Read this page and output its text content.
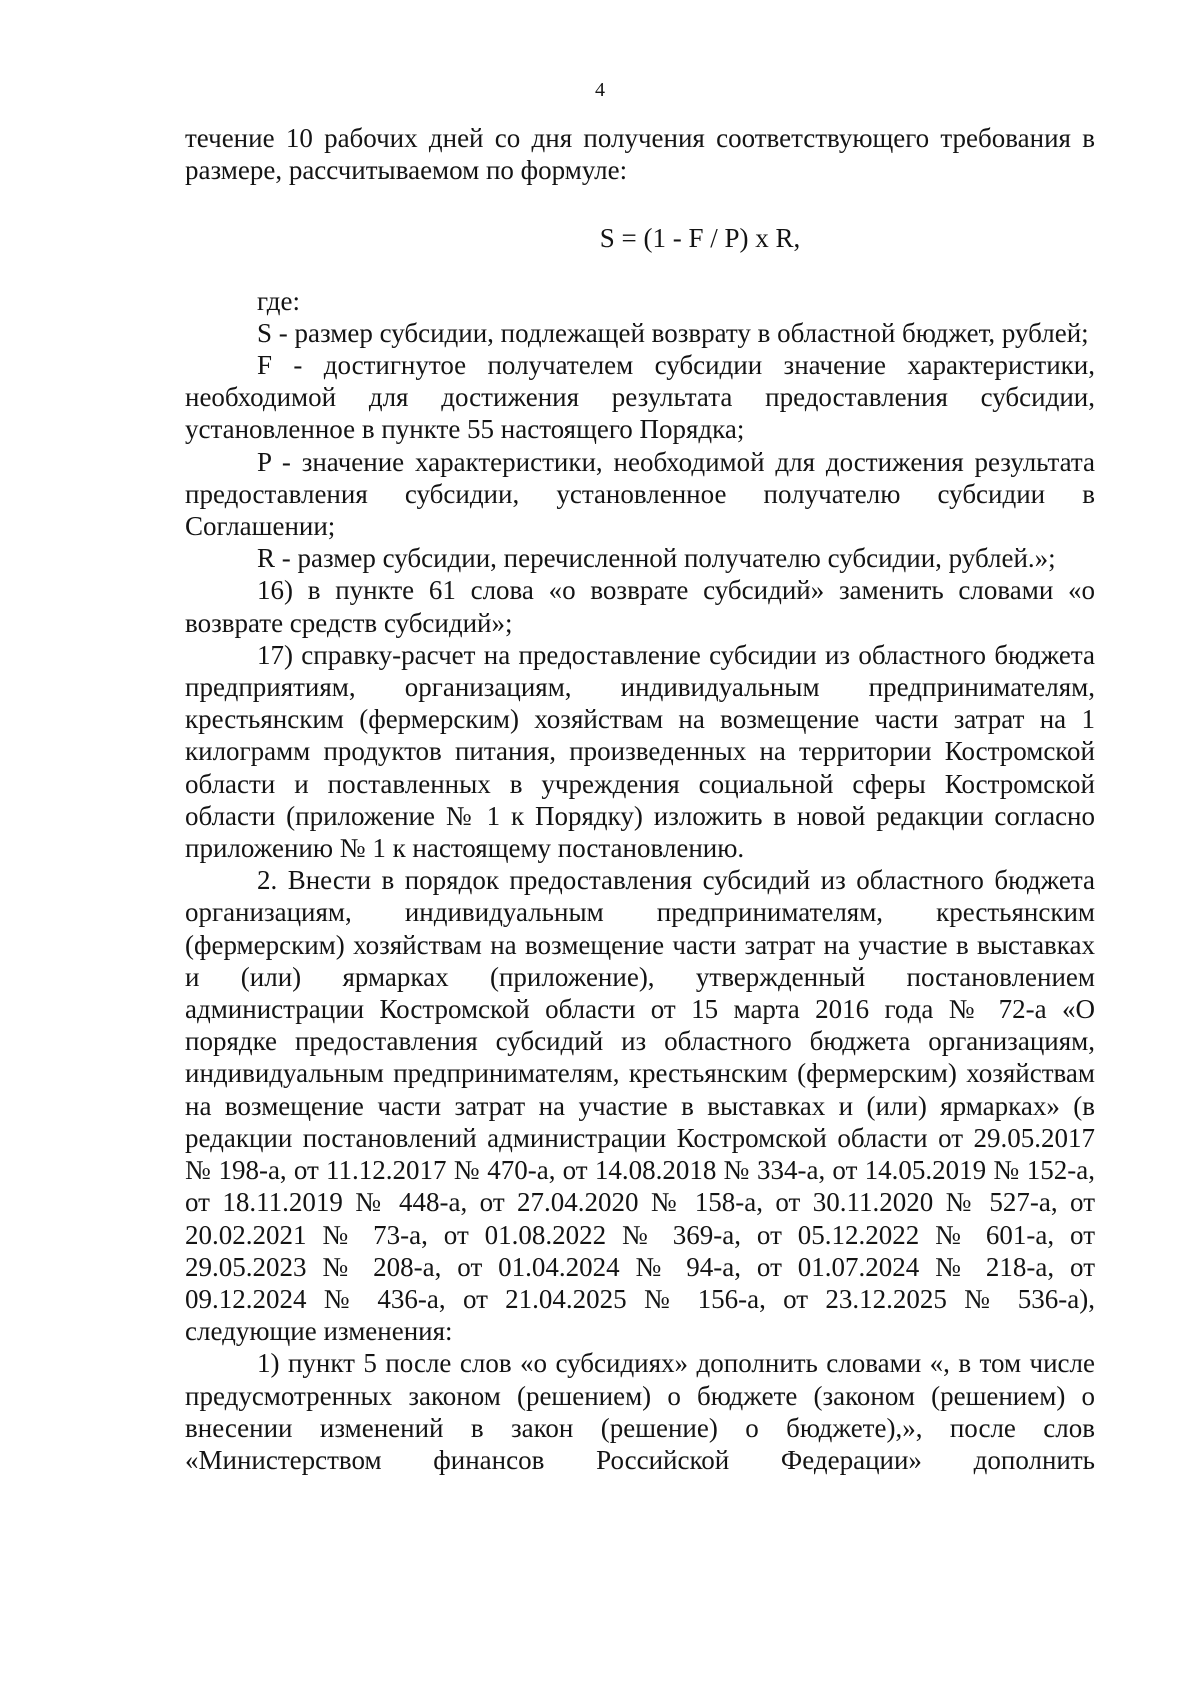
4

течение 10 рабочих дней со дня получения соответствующего требования в размере, рассчитываемом по формуле:

S = (1 - F / P) x R,

где:

S - размер субсидии, подлежащей возврату в областной бюджет, рублей;

F - достигнутое получателем субсидии значение характеристики, необходимой для достижения результата предоставления субсидии, установленное в пункте 55 настоящего Порядка;

P - значение характеристики, необходимой для достижения результата предоставления субсидии, установленное получателю субсидии в Соглашении;

R - размер субсидии, перечисленной получателю субсидии, рублей.»;

16) в пункте 61 слова «о возврате субсидий» заменить словами «о возврате средств субсидий»;

17) справку-расчет на предоставление субсидии из областного бюджета предприятиям, организациям, индивидуальным предпринимателям, крестьянским (фермерским) хозяйствам на возмещение части затрат на 1 килограмм продуктов питания, произведенных на территории Костромской области и поставленных в учреждения социальной сферы Костромской области (приложение № 1 к Порядку) изложить в новой редакции согласно приложению № 1 к настоящему постановлению.

2. Внести в порядок предоставления субсидий из областного бюджета организациям, индивидуальным предпринимателям, крестьянским (фермерским) хозяйствам на возмещение части затрат на участие в выставках и (или) ярмарках (приложение), утвержденный постановлением администрации Костромской области от 15 марта 2016 года № 72-а «О порядке предоставления субсидий из областного бюджета организациям, индивидуальным предпринимателям, крестьянским (фермерским) хозяйствам на возмещение части затрат на участие в выставках и (или) ярмарках» (в редакции постановлений администрации Костромской области от 29.05.2017 № 198-а, от 11.12.2017 № 470-а, от 14.08.2018 № 334-а, от 14.05.2019 № 152-а, от 18.11.2019 № 448-а, от 27.04.2020 № 158-а, от 30.11.2020 № 527-а, от 20.02.2021 № 73-а, от 01.08.2022 № 369-а, от 05.12.2022 № 601-а, от 29.05.2023 № 208-а, от 01.04.2024 № 94-а, от 01.07.2024 № 218-а, от 09.12.2024 № 436-а, от 21.04.2025 № 156-а, от 23.12.2025 № 536-а), следующие изменения:

1) пункт 5 после слов «о субсидиях» дополнить словами «, в том числе предусмотренных законом (решением) о бюджете (законом (решением) о внесении изменений в закон (решение) о бюджете),», после слов «Министерством финансов Российской Федерации» дополнить
